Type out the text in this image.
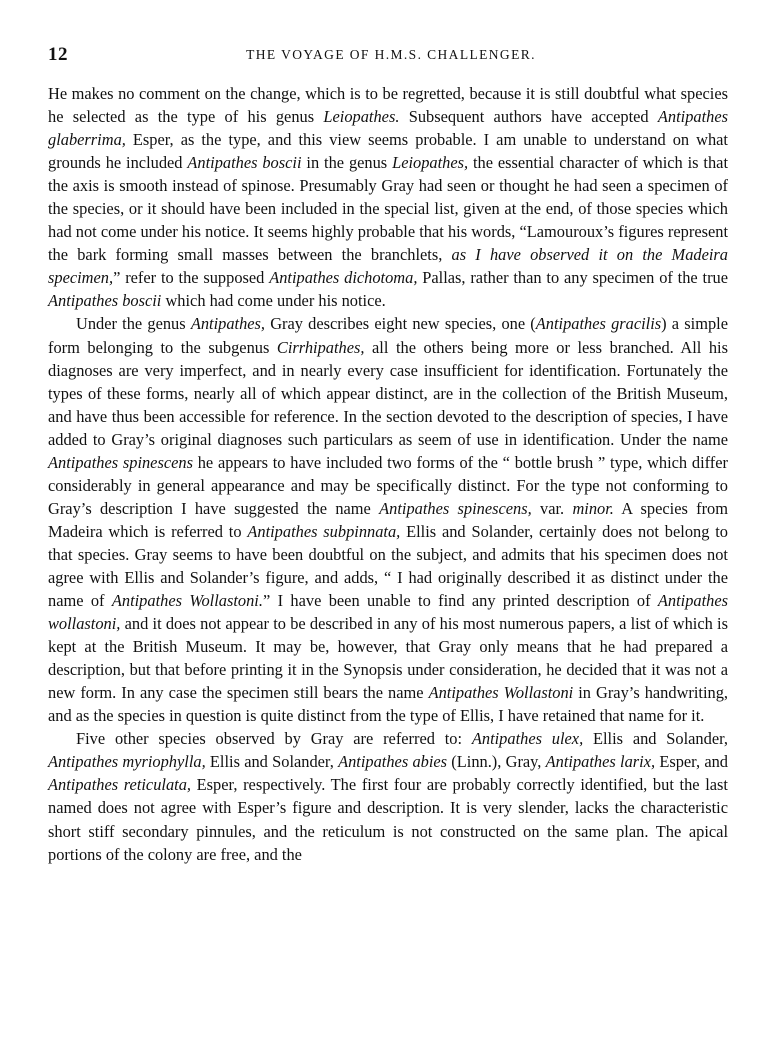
12	THE VOYAGE OF H.M.S. CHALLENGER.

He makes no comment on the change, which is to be regretted, because it is still doubtful what species he selected as the type of his genus Leiopathes. Subsequent authors have accepted Antipathes glaberrima, Esper, as the type, and this view seems probable. I am unable to understand on what grounds he included Antipathes boscii in the genus Leiopathes, the essential character of which is that the axis is smooth instead of spinose. Presumably Gray had seen or thought he had seen a specimen of the species, or it should have been included in the special list, given at the end, of those species which had not come under his notice. It seems highly probable that his words, “Lamouroux’s figures represent the bark forming small masses between the branchlets, as I have observed it on the Madeira specimen,” refer to the supposed Antipathes dichotoma, Pallas, rather than to any specimen of the true Antipathes boscii which had come under his notice.

Under the genus Antipathes, Gray describes eight new species, one (Antipathes gracilis) a simple form belonging to the subgenus Cirrhipathes, all the others being more or less branched. All his diagnoses are very imperfect, and in nearly every case insufficient for identification. Fortunately the types of these forms, nearly all of which appear distinct, are in the collection of the British Museum, and have thus been accessible for reference. In the section devoted to the description of species, I have added to Gray’s original diagnoses such particulars as seem of use in identification. Under the name Antipathes spinescens he appears to have included two forms of the “ bottle brush ” type, which differ considerably in general appearance and may be specifically distinct. For the type not conforming to Gray’s description I have suggested the name Antipathes spinescens, var. minor. A species from Madeira which is referred to Antipathes subpinnata, Ellis and Solander, certainly does not belong to that species. Gray seems to have been doubtful on the subject, and admits that his specimen does not agree with Ellis and Solander’s figure, and adds, “ I had originally described it as distinct under the name of Antipathes Wollastoni.” I have been unable to find any printed description of Antipathes wollastoni, and it does not appear to be described in any of his most numerous papers, a list of which is kept at the British Museum. It may be, however, that Gray only means that he had prepared a description, but that before printing it in the Synopsis under consideration, he decided that it was not a new form. In any case the specimen still bears the name Antipathes Wollastoni in Gray’s handwriting, and as the species in question is quite distinct from the type of Ellis, I have retained that name for it.

Five other species observed by Gray are referred to: Antipathes ulex, Ellis and Solander, Antipathes myriophylla, Ellis and Solander, Antipathes abies (Linn.), Gray, Antipathes larix, Esper, and Antipathes reticulata, Esper, respectively. The first four are probably correctly identified, but the last named does not agree with Esper’s figure and description. It is very slender, lacks the characteristic short stiff secondary pinnules, and the reticulum is not constructed on the same plan. The apical portions of the colony are free, and the
